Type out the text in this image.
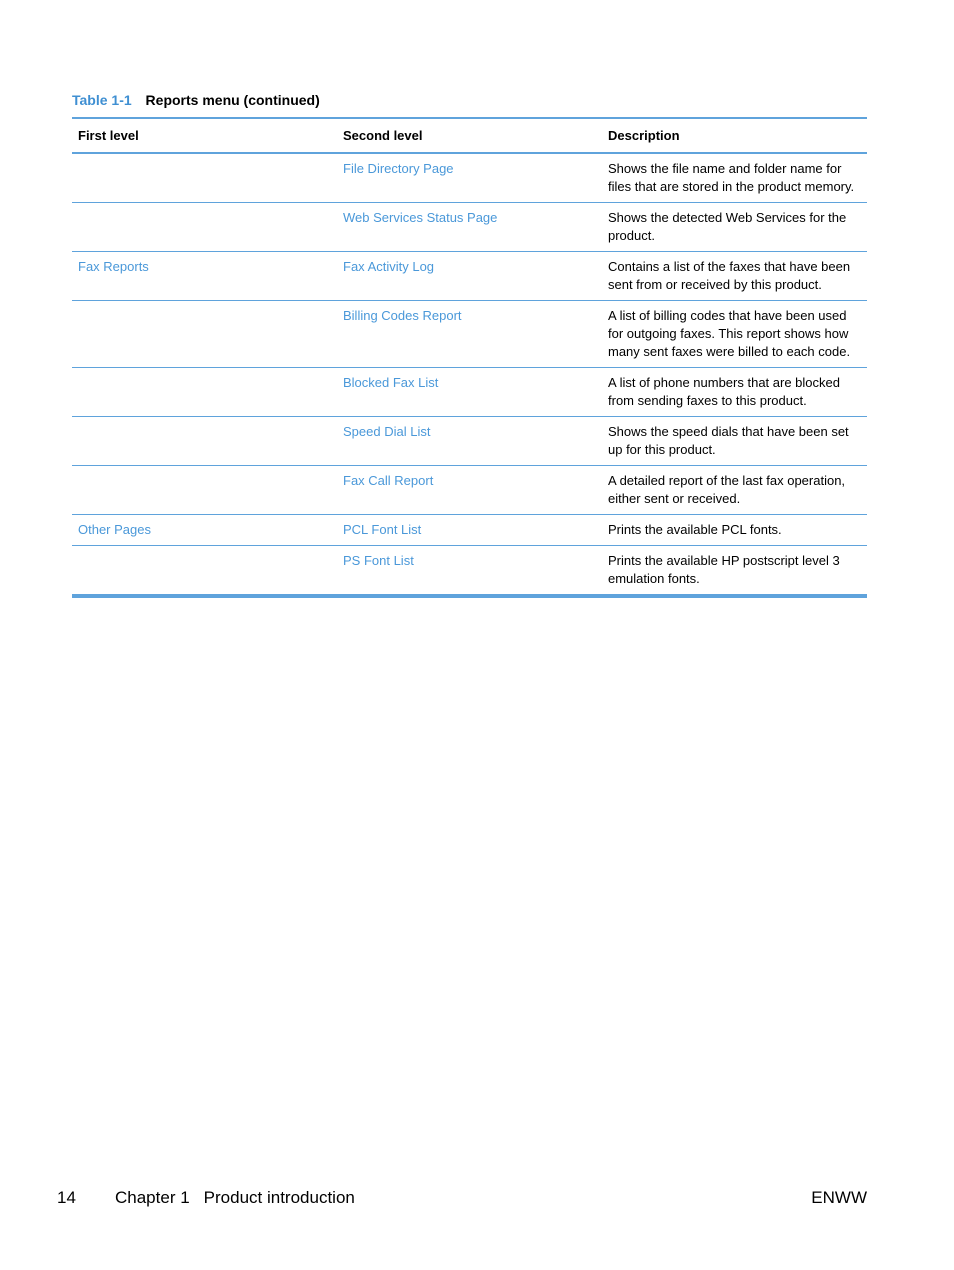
Table 1-1 Reports menu (continued)
First level	Second level	Description
	File Directory Page	Shows the file name and folder name for files that are stored in the product memory.
	Web Services Status Page	Shows the detected Web Services for the product.
Fax Reports	Fax Activity Log	Contains a list of the faxes that have been sent from or received by this product.
	Billing Codes Report	A list of billing codes that have been used for outgoing faxes. This report shows how many sent faxes were billed to each code.
	Blocked Fax List	A list of phone numbers that are blocked from sending faxes to this product.
	Speed Dial List	Shows the speed dials that have been set up for this product.
	Fax Call Report	A detailed report of the last fax operation, either sent or received.
Other Pages	PCL Font List	Prints the available PCL fonts.
	PS Font List	Prints the available HP postscript level 3 emulation fonts.
14 Chapter 1 Product introduction	ENWW
